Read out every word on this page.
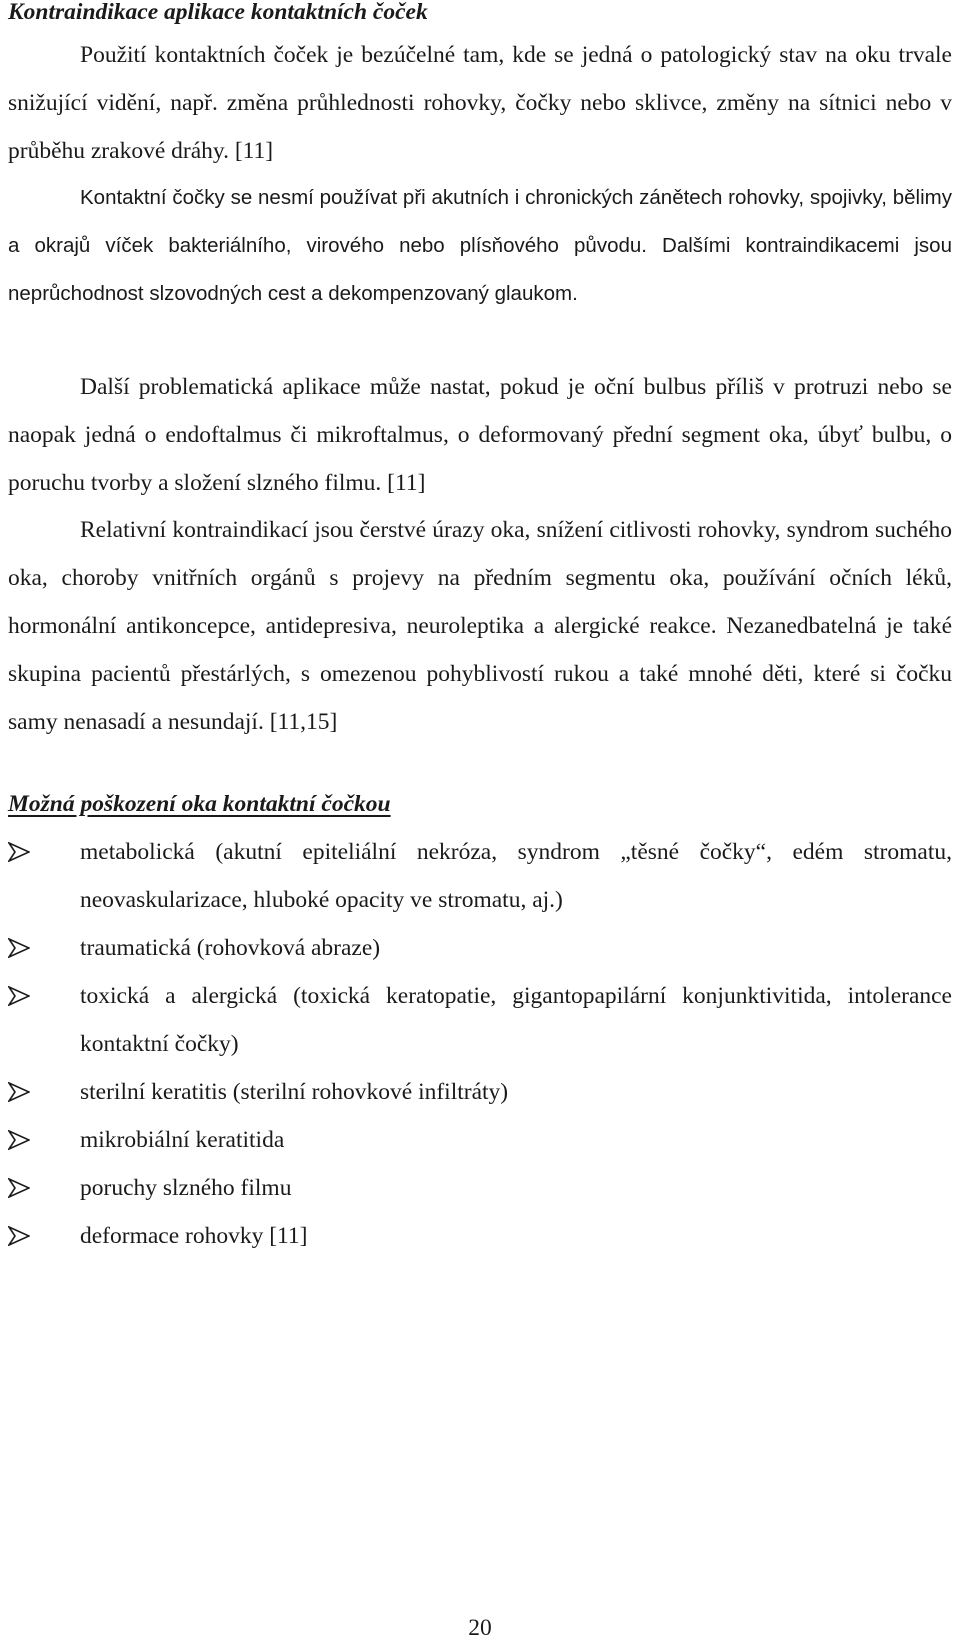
Kontraindikace aplikace kontaktních čoček

Použití kontaktních čoček je bezúčelné tam, kde se jedná o patologický stav na oku trvale snižující vidění, např. změna průhlednosti rohovky, čočky nebo sklivce, změny na sítnici nebo v průběhu zrakové dráhy. [11]

Kontaktní čočky se nesmí používat při akutních i chronických zánětech rohovky, spojivky, bělimy a okrajů víček bakteriálního, virového nebo plísňového původu. Dalšími kontraindikacemi jsou neprůchodnost slzovodných cest a dekompenzovaný glaukom.

Další problematická aplikace může nastat, pokud je oční bulbus příliš v protruzi nebo se naopak jedná o endoftalmus či mikroftalmus, o deformovaný přední segment oka, úbyť bulbu, o poruchu tvorby a složení slzného filmu. [11]

Relativní kontraindikací jsou čerstvé úrazy oka, snížení citlivosti rohovky, syndrom suchého oka, choroby vnitřních orgánů s projevy na předním segmentu oka, používání očních léků, hormonální antikoncepce, antidepresiva, neuroleptika a alergické reakce. Nezanedbatelná je také skupina pacientů přestárlých, s omezenou pohyblivostí rukou a také mnohé děti, které si čočku samy nenasadí a nesundají. [11,15]

Možná poškození oka kontaktní čočkou
metabolická (akutní epiteliální nekróza, syndrom „těsné čočky“, edém stromatu, neovaskularizace, hluboké opacity ve stromatu, aj.)
traumatická (rohovková abraze)
toxická a alergická (toxická keratopatie, gigantopapilární konjunktivitida, intolerance kontaktní čočky)
sterilní keratitis (sterilní rohovkové infiltráty)
mikrobiální keratitida
poruchy slzného filmu
deformace rohovky [11]

20
